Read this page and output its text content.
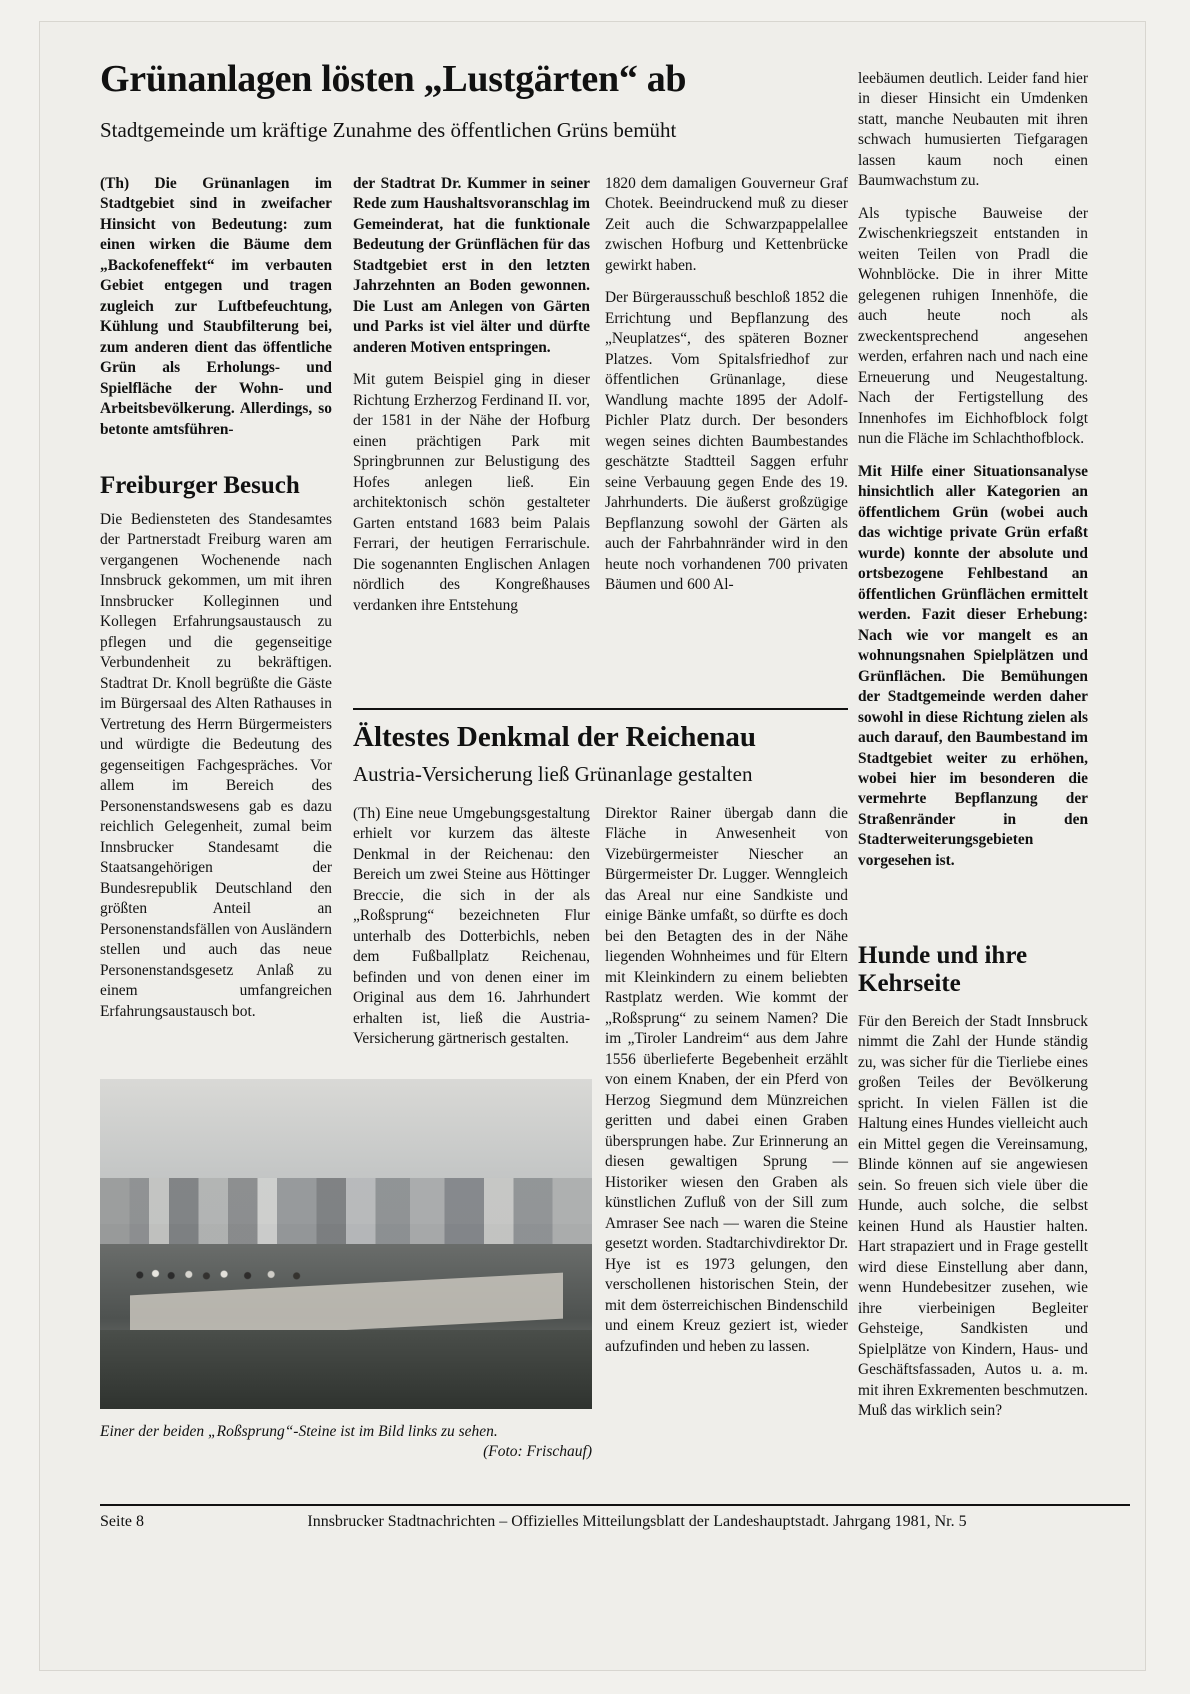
Grünanlagen lösten „Lustgärten“ ab
Stadtgemeinde um kräftige Zunahme des öffentlichen Grüns bemüht

(Th) Die Grünanlagen im Stadtgebiet sind in zweifacher Hinsicht von Bedeutung: zum einen wirken die Bäume dem „Backofeneffekt“ im verbauten Gebiet entgegen und tragen zugleich zur Luftbefeuchtung, Kühlung und Staubfilterung bei, zum anderen dient das öffentliche Grün als Erholungs- und Spielfläche der Wohn- und Arbeitsbevölkerung. Allerdings, so betonte amtsführen-

Freiburger Besuch

Die Bediensteten des Standesamtes der Partnerstadt Freiburg waren am vergangenen Wochenende nach Innsbruck gekommen, um mit ihren Innsbrucker Kolleginnen und Kollegen Erfahrungsaustausch zu pflegen und die gegenseitige Verbundenheit zu bekräftigen. Stadtrat Dr. Knoll begrüßte die Gäste im Bürgersaal des Alten Rathauses in Vertretung des Herrn Bürgermeisters und würdigte die Bedeutung des gegenseitigen Fachgespräches. Vor allem im Bereich des Personenstandswesens gab es dazu reichlich Gelegenheit, zumal beim Innsbrucker Standesamt die Staatsangehörigen der Bundesrepublik Deutschland den größten Anteil an Personenstandsfällen von Ausländern stellen und auch das neue Personenstandsgesetz Anlaß zu einem umfangreichen Erfahrungsaustausch bot.

der Stadtrat Dr. Kummer in seiner Rede zum Haushaltsvoranschlag im Gemeinderat, hat die funktionale Bedeutung der Grünflächen für das Stadtgebiet erst in den letzten Jahrzehnten an Boden gewonnen. Die Lust am Anlegen von Gärten und Parks ist viel älter und dürfte anderen Motiven entspringen.

Mit gutem Beispiel ging in dieser Richtung Erzherzog Ferdinand II. vor, der 1581 in der Nähe der Hofburg einen prächtigen Park mit Springbrunnen zur Belustigung des Hofes anlegen ließ. Ein architektonisch schön gestalteter Garten entstand 1683 beim Palais Ferrari, der heutigen Ferrarischule. Die sogenannten Englischen Anlagen nördlich des Kongreßhauses verdanken ihre Entstehung

1820 dem damaligen Gouverneur Graf Chotek. Beeindruckend muß zu dieser Zeit auch die Schwarzpappelallee zwischen Hofburg und Kettenbrücke gewirkt haben.

Der Bürgerausschuß beschloß 1852 die Errichtung und Bepflanzung des „Neuplatzes“, des späteren Bozner Platzes. Vom Spitalsfriedhof zur öffentlichen Grünanlage, diese Wandlung machte 1895 der Adolf-Pichler Platz durch. Der besonders wegen seines dichten Baumbestandes geschätzte Stadtteil Saggen erfuhr seine Verbauung gegen Ende des 19. Jahrhunderts. Die äußerst großzügige Bepflanzung sowohl der Gärten als auch der Fahrbahnränder wird in den heute noch vorhandenen 700 privaten Bäumen und 600 Al-

leebäumen deutlich. Leider fand hier in dieser Hinsicht ein Umdenken statt, manche Neubauten mit ihren schwach humusierten Tiefgaragen lassen kaum noch einen Baumwachstum zu.

Als typische Bauweise der Zwischenkriegszeit entstanden in weiten Teilen von Pradl die Wohnblöcke. Die in ihrer Mitte gelegenen ruhigen Innenhöfe, die auch heute noch als zweckentsprechend angesehen werden, erfahren nach und nach eine Erneuerung und Neugestaltung. Nach der Fertigstellung des Innenhofes im Eichhofblock folgt nun die Fläche im Schlachthofblock.

Mit Hilfe einer Situationsanalyse hinsichtlich aller Kategorien an öffentlichem Grün (wobei auch das wichtige private Grün erfaßt wurde) konnte der absolute und ortsbezogene Fehlbestand an öffentlichen Grünflächen ermittelt werden. Fazit dieser Erhebung: Nach wie vor mangelt es an wohnungsnahen Spielplätzen und Grünflächen. Die Bemühungen der Stadtgemeinde werden daher sowohl in diese Richtung zielen als auch darauf, den Baumbestand im Stadtgebiet weiter zu erhöhen, wobei hier im besonderen die vermehrte Bepflanzung der Straßenränder in den Stadterweiterungsgebieten vorgesehen ist.

Hunde und ihre Kehrseite

Für den Bereich der Stadt Innsbruck nimmt die Zahl der Hunde ständig zu, was sicher für die Tierliebe eines großen Teiles der Bevölkerung spricht. In vielen Fällen ist die Haltung eines Hundes vielleicht auch ein Mittel gegen die Vereinsamung, Blinde können auf sie angewiesen sein. So freuen sich viele über die Hunde, auch solche, die selbst keinen Hund als Haustier halten. Hart strapaziert und in Frage gestellt wird diese Einstellung aber dann, wenn Hundebesitzer zusehen, wie ihre vierbeinigen Begleiter Gehsteige, Sandkisten und Spielplätze von Kindern, Haus- und Geschäftsfassaden, Autos u. a. m. mit ihren Exkrementen beschmutzen. Muß das wirklich sein?

Ältestes Denkmal der Reichenau
Austria-Versicherung ließ Grünanlage gestalten

(Th) Eine neue Umgebungsgestaltung erhielt vor kurzem das älteste Denkmal in der Reichenau: den Bereich um zwei Steine aus Höttinger Breccie, die sich in der als „Roßsprung“ bezeichneten Flur unterhalb des Dotterbichls, neben dem Fußballplatz Reichenau, befinden und von denen einer im Original aus dem 16. Jahrhundert erhalten ist, ließ die Austria-Versicherung gärtnerisch gestalten.

Direktor Rainer übergab dann die Fläche in Anwesenheit von Vizebürgermeister Niescher an Bürgermeister Dr. Lugger. Wenngleich das Areal nur eine Sandkiste und einige Bänke umfaßt, so dürfte es doch bei den Betagten des in der Nähe liegenden Wohnheimes und für Eltern mit Kleinkindern zu einem beliebten Rastplatz werden. Wie kommt der „Roßsprung“ zu seinem Namen? Die im „Tiroler Landreim“ aus dem Jahre 1556 überlieferte Begebenheit erzählt von einem Knaben, der ein Pferd von Herzog Siegmund dem Münzreichen geritten und dabei einen Graben übersprungen habe. Zur Erinnerung an diesen gewaltigen Sprung — Historiker wiesen den Graben als künstlichen Zufluß von der Sill zum Amraser See nach — waren die Steine gesetzt worden. Stadtarchivdirektor Dr. Hye ist es 1973 gelungen, den verschollenen historischen Stein, der mit dem österreichischen Bindenschild und einem Kreuz geziert ist, wieder aufzufinden und heben zu lassen.

Einer der beiden „Roßsprung“-Steine ist im Bild links zu sehen.
(Foto: Frischauf)
Seite 8	Innsbrucker Stadtnachrichten – Offizielles Mitteilungsblatt der Landeshauptstadt. Jahrgang 1981, Nr. 5
